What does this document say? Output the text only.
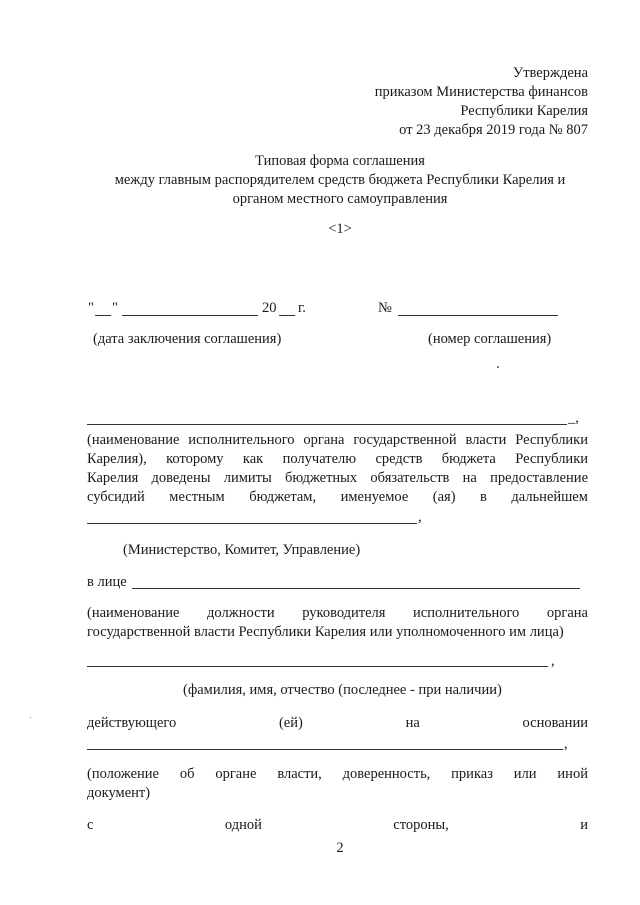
Утверждена
приказом Министерства финансов
Республики Карелия
от 23 декабря 2019 года № 807
Типовая форма соглашения
между главным распорядителем средств бюджета Республики Карелия и
органом местного самоуправления
<1>
" "	20 г.	№
(дата заключения соглашения)	(номер соглашения)
_,
(наименование исполнительного органа государственной власти Республики
Карелия), которому как получателю средств бюджета Республики
Карелия доведены лимиты бюджетных обязательств на предоставление
субсидий местным бюджетам, именуемое (ая) в дальнейшем
,
(Министерство, Комитет, Управление)
в лице
(наименование должности руководителя исполнительного органа
государственной власти Республики Карелия или уполномоченного им лица)
,
(фамилия, имя, отчество (последнее - при наличии)
действующего	(ей)	на	основании
,
(положение об органе власти, доверенность, приказ или иной
документ)
с	одной	стороны,	и
2
